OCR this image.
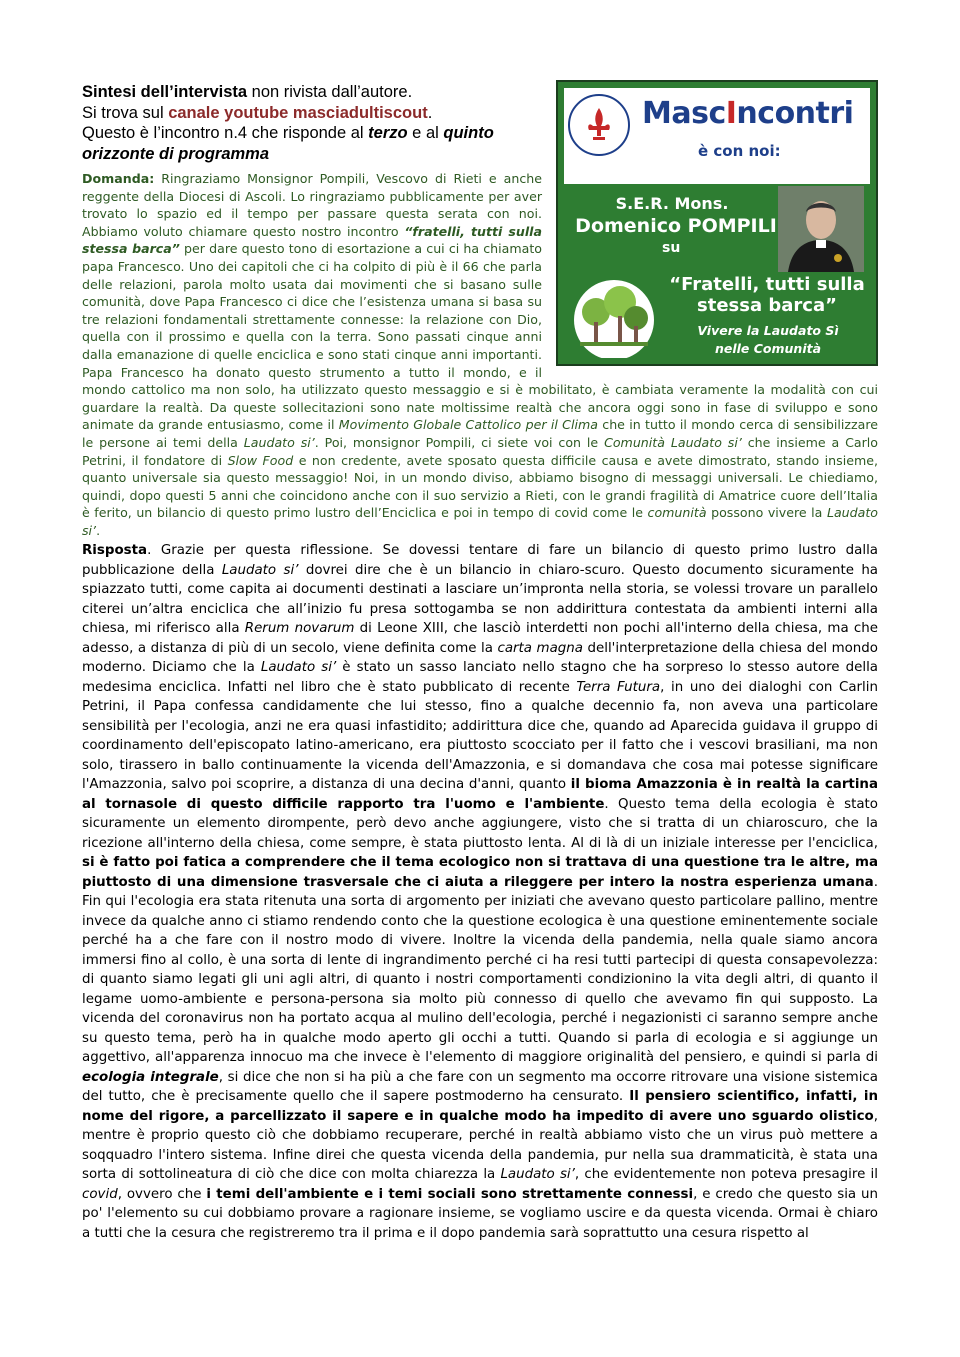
MascIncontri
è con noi:
S.E.R. Mons.
Domenico POMPILI
su
“Fratelli, tutti sulla stessa barca”
Vivere la Laudato Sì
nelle Comunità
Sintesi dell’intervista non rivista dall’autore.
Si trova sul canale youtube masciadultiscout.
Questo è l’incontro n.4 che risponde al terzo e al quinto
orizzonte di programma
Domanda: Ringraziamo Monsignor Pompili, Vescovo di Rieti e anche reggente della Diocesi di Ascoli. Lo ringraziamo pubblicamente per aver trovato lo spazio ed il tempo per passare questa serata con noi. Abbiamo voluto chiamare questo nostro incontro “fratelli, tutti sulla stessa barca” per dare questo tono di esortazione a cui ci ha chiamato papa Francesco. Uno dei capitoli che ci ha colpito di più è il 66 che parla delle relazioni, parola molto usata dai movimenti che si basano sulle comunità, dove Papa Francesco ci dice che l’esistenza umana si basa su tre relazioni fondamentali strettamente connesse: la relazione con Dio, quella con il prossimo e quella con la terra. Sono passati cinque anni dalla emanazione di quelle enciclica e sono stati cinque anni importanti. Papa Francesco ha donato questo strumento a tutto il mondo, e il mondo cattolico ma non solo, ha utilizzato questo messaggio e si è mobilitato, è cambiata veramente la modalità con cui guardare la realtà. Da queste sollecitazioni sono nate moltissime realtà che ancora oggi sono in fase di sviluppo e sono animate da grande entusiasmo, come il Movimento Globale Cattolico per il Clima che in tutto il mondo cerca di sensibilizzare le persone ai temi della Laudato si’. Poi, monsignor Pompili, ci siete voi con le Comunità Laudato si’ che insieme a Carlo Petrini, il fondatore di Slow Food e non credente, avete sposato questa difficile causa e avete dimostrato, stando insieme, quanto universale sia questo messaggio! Noi, in un mondo diviso, abbiamo bisogno di messaggi universali. Le chiediamo, quindi, dopo questi 5 anni che coincidono anche con il suo servizio a Rieti, con le grandi fragilità di Amatrice cuore dell’Italia è ferito, un bilancio di questo primo lustro dell’Enciclica e poi in tempo di covid come le comunità possono vivere la Laudato si’.
Risposta. Grazie per questa riflessione. Se dovessi tentare di fare un bilancio di questo primo lustro dalla pubblicazione della Laudato si’ dovrei dire che è un bilancio in chiaro-scuro. Questo documento sicuramente ha spiazzato tutti, come capita ai documenti destinati a lasciare un’impronta nella storia, se volessi trovare un parallelo citerei un’altra enciclica che all’inizio fu presa sottogamba se non addirittura contestata da ambienti interni alla chiesa, mi riferisco alla Rerum novarum di Leone XIII, che lasciò interdetti non pochi all'interno della chiesa, ma che adesso, a distanza di più di un secolo, viene definita come la carta magna dell'interpretazione della chiesa del mondo moderno. Diciamo che la Laudato si’ è stato un sasso lanciato nello stagno che ha sorpreso lo stesso autore della medesima enciclica. Infatti nel libro che è stato pubblicato di recente Terra Futura, in uno dei dialoghi con Carlin Petrini, il Papa confessa candidamente che lui stesso, fino a qualche decennio fa, non aveva una particolare sensibilità per l'ecologia, anzi ne era quasi infastidito; addirittura dice che, quando ad Aparecida guidava il gruppo di coordinamento dell'episcopato latino-americano, era piuttosto scocciato per il fatto che i vescovi brasiliani, ma non solo, tirassero in ballo continuamente la vicenda dell'Amazzonia, e si domandava che cosa mai potesse significare l'Amazzonia, salvo poi scoprire, a distanza di una decina d'anni, quanto il bioma Amazzonia è in realtà la cartina al tornasole di questo difficile rapporto tra l'uomo e l'ambiente. Questo tema della ecologia è stato sicuramente un elemento dirompente, però devo anche aggiungere, visto che si tratta di un chiaroscuro, che la ricezione all'interno della chiesa, come sempre, è stata piuttosto lenta. Al di là di un iniziale interesse per l'enciclica, si è fatto poi fatica a comprendere che il tema ecologico non si trattava di una questione tra le altre, ma piuttosto di una dimensione trasversale che ci aiuta a rileggere per intero la nostra esperienza umana. Fin qui l'ecologia era stata ritenuta una sorta di argomento per iniziati che avevano questo particolare pallino, mentre invece da qualche anno ci stiamo rendendo conto che la questione ecologica è una questione eminentemente sociale perché ha a che fare con il nostro modo di vivere. Inoltre la vicenda della pandemia, nella quale siamo ancora immersi fino al collo, è una sorta di lente di ingrandimento perché ci ha resi tutti partecipi di questa consapevolezza: di quanto siamo legati gli uni agli altri, di quanto i nostri comportamenti condizionino la vita degli altri, di quanto il legame uomo-ambiente e persona-persona sia molto più connesso di quello che avevamo fin qui supposto. La vicenda del coronavirus non ha portato acqua al mulino dell'ecologia, perché i negazionisti ci saranno sempre anche su questo tema, però ha in qualche modo aperto gli occhi a tutti. Quando si parla di ecologia e si aggiunge un aggettivo, all'apparenza innocuo ma che invece è l'elemento di maggiore originalità del pensiero, e quindi si parla di ecologia integrale, si dice che non si ha più a che fare con un segmento ma occorre ritrovare una visione sistemica del tutto, che è precisamente quello che il sapere postmoderno ha censurato. Il pensiero scientifico, infatti, in nome del rigore, a parcellizzato il sapere e in qualche modo ha impedito di avere uno sguardo olistico, mentre è proprio questo ciò che dobbiamo recuperare, perché in realtà abbiamo visto che un virus può mettere a soqquadro l'intero sistema. Infine direi che questa vicenda della pandemia, pur nella sua drammaticità, è stata una sorta di sottolineatura di ciò che dice con molta chiarezza la Laudato si’, che evidentemente non poteva presagire il covid, ovvero che i temi dell'ambiente e i temi sociali sono strettamente connessi, e credo che questo sia un po' l'elemento su cui dobbiamo provare a ragionare insieme, se vogliamo uscire e da questa vicenda. Ormai è chiaro a tutti che la cesura che registreremo tra il prima e il dopo pandemia sarà soprattutto una cesura rispetto al
